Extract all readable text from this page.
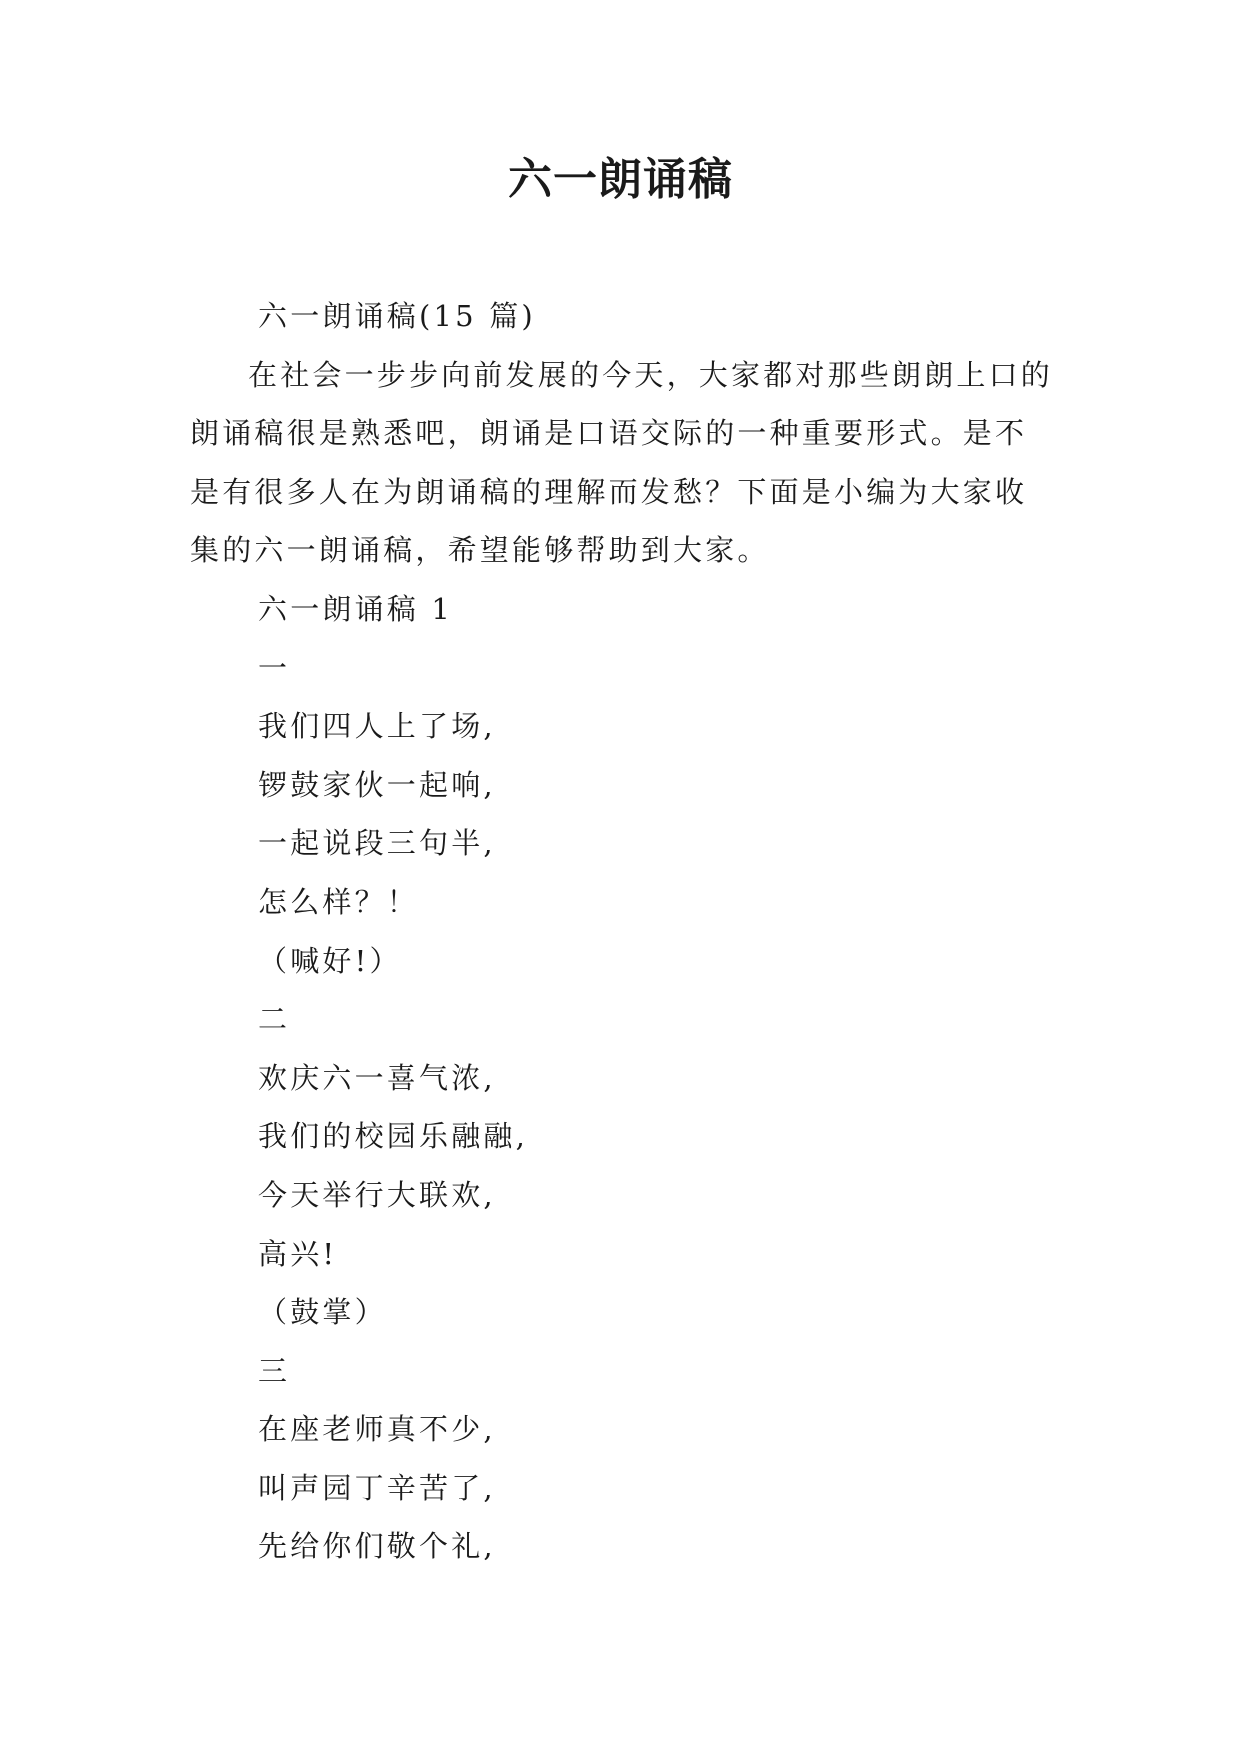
六一朗诵稿

六一朗诵稿(15 篇)

在社会一步步向前发展的今天，大家都对那些朗朗上口的朗诵稿很是熟悉吧，朗诵是口语交际的一种重要形式。是不是有很多人在为朗诵稿的理解而发愁？下面是小编为大家收集的六一朗诵稿，希望能够帮助到大家。

六一朗诵稿 1

一

我们四人上了场,

锣鼓家伙一起响,

一起说段三句半,

怎么样？！

（喊好!）

二

欢庆六一喜气浓,

我们的校园乐融融,

今天举行大联欢,

高兴!

（鼓掌）

三

在座老师真不少,

叫声园丁辛苦了,

先给你们敬个礼,
